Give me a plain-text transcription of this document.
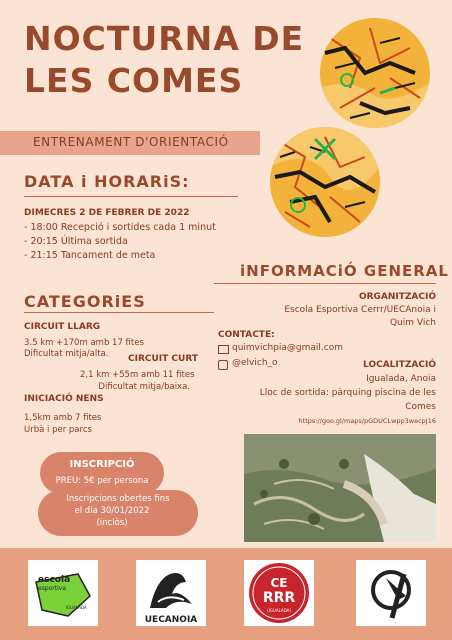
NOCTURNA DE
LES COMES
ENTRENAMENT D'ORIENTACIÓ
DATA i HORARiS:
DIMECRES 2 DE FEBRER DE 2022
- 18:00 Recepció i sortides cada 1 minut
- 20:15 Última sortida
- 21:15 Tancament de meta
iNFORMACiÓ GENERAL
CATEGORiES
CIRCUIT LLARG
3.5 km +170m amb 17 fites
Dificultat mitja/alta. CIRCUIT CURT
2,1 km +55m amb 11 fites
Dificultat mitja/baixa.
INICIACIÓ NENS
1,5km amb 7 fites
Urbà i per parcs
INSCRIPCIÓ
PREU: 5€ per persona
Inscripcions obertes fins
el dia 30/01/2022
(inclòs)
ORGANITZACIÓ
Escola Esportiva Cerrr/UECAnoia i
Quim Vich
CONTACTE:
quimvichpia@gmail.com
@elvich_o	LOCALITZACIÓ
Igualada, Anoia
Lloc de sortida: pàrquing piscina de les
Comes
https://goo.gl/maps/pGDUCLwpp3wecpJ16
escola
esportiva
IGUALADA
UECANOIA
CE
RRR
(IGUALADA)
